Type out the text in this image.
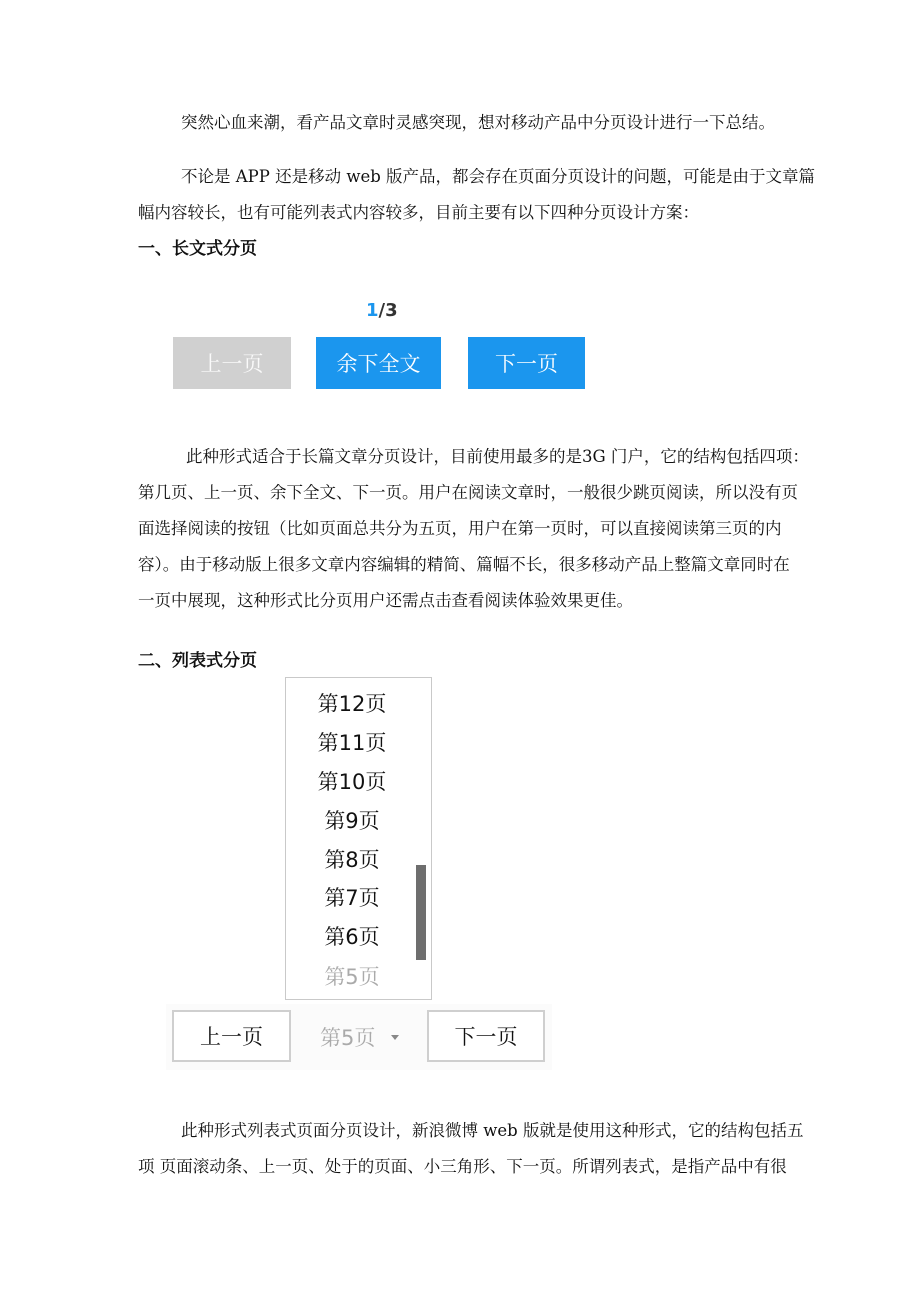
突然心血来潮，看产品文章时灵感突现，想对移动产品中分页设计进行一下总结。

不论是 APP 还是移动 web 版产品，都会存在页面分页设计的问题，可能是由于文章篇

幅内容较长，也有可能列表式内容较多，目前主要有以下四种分页设计方案：

一、长文式分页
1/3
上一页	余下全文	下一页

此种形式适合于长篇文章分页设计，目前使用最多的是3G 门户，它的结构包括四项：

第几页、上一页、余下全文、下一页。用户在阅读文章时，一般很少跳页阅读，所以没有页

面选择阅读的按钮（比如页面总共分为五页，用户在第一页时，可以直接阅读第三页的内

容）。由于移动版上很多文章内容编辑的精简、篇幅不长，很多移动产品上整篇文章同时在

一页中展现，这种形式比分页用户还需点击查看阅读体验效果更佳。

二、列表式分页
第12页
第11页
第10页
第9页
第8页
第7页
第6页
第5页
上一页	第5页	下一页

此种形式列表式页面分页设计，新浪微博 web 版就是使用这种形式，它的结构包括五

项 页面滚动条、上一页、处于的页面、小三角形、下一页。所谓列表式，是指产品中有很
